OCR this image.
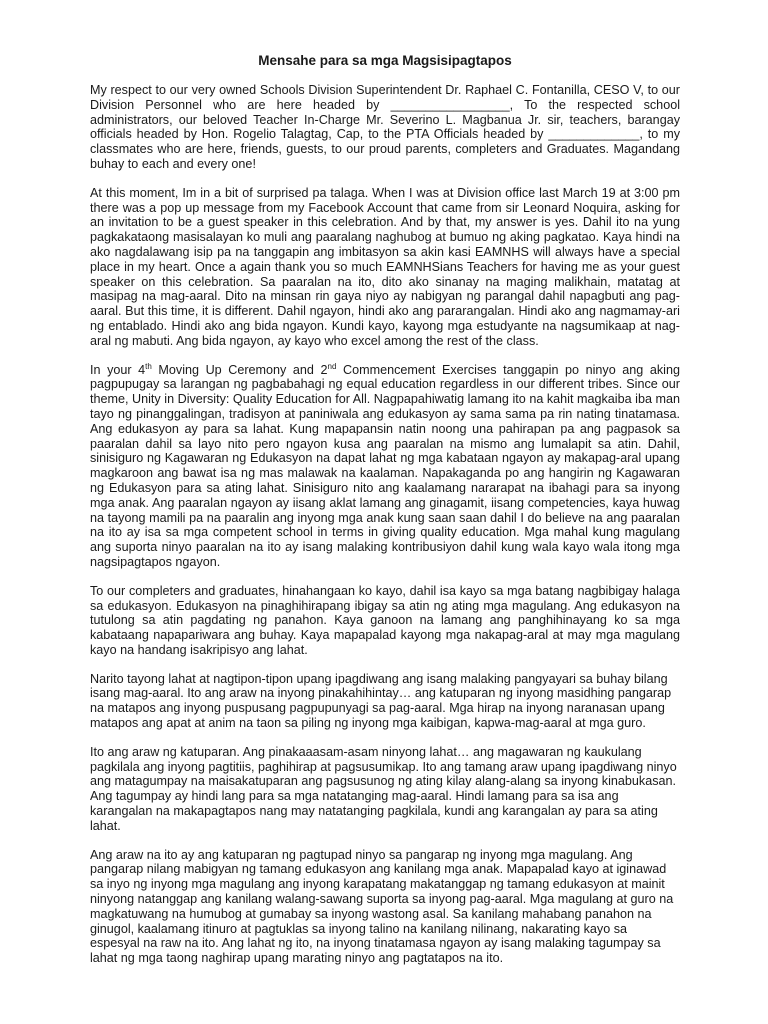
Mensahe para sa mga Magsisipagtapos

My respect to our very owned Schools Division Superintendent Dr. Raphael C. Fontanilla, CESO V, to our Division Personnel who are here headed by _________________, To the respected school administrators, our beloved Teacher In-Charge Mr. Severino L. Magbanua Jr. sir, teachers, barangay officials headed by Hon. Rogelio Talagtag, Cap, to the PTA Officials headed by _____________, to my classmates who are here, friends, guests, to our proud parents, completers and Graduates. Magandang buhay to each and every one!

At this moment, Im in a bit of surprised pa talaga. When I was at Division office last March 19 at 3:00 pm there was a pop up message from my Facebook Account that came from sir Leonard Noquira, asking for an invitation to be a guest speaker in this celebration. And by that, my answer is yes. Dahil ito na yung pagkakataong masisalayan ko muli ang paaralang naghubog at bumuo ng aking pagkatao. Kaya hindi na ako nagdalawang isip pa na tanggapin ang imbitasyon sa akin kasi EAMNHS will always have a special place in my heart. Once a again thank you so much EAMNHSians Teachers for having me as your guest speaker on this celebration. Sa paaralan na ito, dito ako sinanay na maging malikhain, matatag at masipag na mag-aaral. Dito na minsan rin gaya niyo ay nabigyan ng parangal dahil napagbuti ang pag-aaral. But this time, it is different. Dahil ngayon, hindi ako ang pararangalan. Hindi ako ang nagmamay-ari ng entablado. Hindi ako ang bida ngayon. Kundi kayo, kayong mga estudyante na nagsumikaap at nag-aral ng mabuti. Ang bida ngayon, ay kayo who excel among the rest of the class.

In your 4th Moving Up Ceremony and 2nd Commencement Exercises tanggapin po ninyo ang aking pagpupugay sa larangan ng pagbabahagi ng equal education regardless in our different tribes. Since our theme, Unity in Diversity: Quality Education for All. Nagpapahiwatig lamang ito na kahit magkaiba iba man tayo ng pinanggalingan, tradisyon at paniniwala ang edukasyon ay sama sama pa rin nating tinatamasa. Ang edukasyon ay para sa lahat. Kung mapapansin natin noong una pahirapan pa ang pagpasok sa paaralan dahil sa layo nito pero ngayon kusa ang paaralan na mismo ang lumalapit sa atin. Dahil, sinisiguro ng Kagawaran ng Edukasyon na dapat lahat ng mga kabataan ngayon ay makapag-aral upang magkaroon ang bawat isa ng mas malawak na kaalaman. Napakaganda po ang hangirin ng Kagawaran ng Edukasyon para sa ating lahat. Sinisiguro nito ang kaalamang nararapat na ibahagi para sa inyong mga anak. Ang paaralan ngayon ay iisang aklat lamang ang ginagamit, iisang competencies, kaya huwag na tayong mamili pa na paaralin ang inyong mga anak kung saan saan dahil I do believe na ang paaralan na ito ay isa sa mga competent school in terms in giving quality education. Mga mahal kung magulang ang suporta ninyo paaralan na ito ay isang malaking kontribusiyon dahil kung wala kayo wala itong mga nagsipagtapos ngayon.

To our completers and graduates, hinahangaan ko kayo, dahil isa kayo sa mga batang nagbibigay halaga sa edukasyon. Edukasyon na pinaghihirapang ibigay sa atin ng ating mga magulang. Ang edukasyon na tutulong sa atin pagdating ng panahon. Kaya ganoon na lamang ang panghihinayang ko sa mga kabataang napapariwara ang buhay. Kaya mapapalad kayong mga nakapag-aral at may mga magulang kayo na handang isakripisyo ang lahat.

Narito tayong lahat at nagtipon-tipon upang ipagdiwang ang isang malaking pangyayari sa buhay bilang isang mag-aaral. Ito ang araw na inyong pinakahihintay… ang katuparan ng inyong masidhing pangarap na matapos ang inyong puspusang pagpupunyagi sa pag-aaral. Mga hirap na inyong naranasan upang matapos ang apat at anim na taon sa piling ng inyong mga kaibigan, kapwa-mag-aaral at mga guro.

Ito ang araw ng katuparan. Ang pinakaaasam-asam ninyong lahat… ang magawaran ng kaukulang pagkilala ang inyong pagtitiis, paghihirap at pagsusumikap. Ito ang tamang araw upang ipagdiwang ninyo ang matagumpay na maisakatuparan ang pagsusunog ng ating kilay alang-alang sa inyong kinabukasan. Ang tagumpay ay hindi lang para sa mga natatanging mag-aaral. Hindi lamang para sa isa ang karangalan na makapagtapos nang may natatanging pagkilala, kundi ang karangalan ay para sa ating lahat.

Ang araw na ito ay ang katuparan ng pagtupad ninyo sa pangarap ng inyong mga magulang. Ang pangarap nilang mabigyan ng tamang edukasyon ang kanilang mga anak. Mapapalad kayo at iginawad sa inyo ng inyong mga magulang ang inyong karapatang makatanggap ng tamang edukasyon at mainit ninyong natanggap ang kanilang walang-sawang suporta sa inyong pag-aaral. Mga magulang at guro na magkatuwang na humubog at gumabay sa inyong wastong asal. Sa kanilang mahabang panahon na ginugol, kaalamang itinuro at pagtuklas sa inyong talino na kanilang nilinang, nakarating kayo sa espesyal na raw na ito. Ang lahat ng ito, na inyong tinatamasa ngayon ay isang malaking tagumpay sa lahat ng mga taong naghirap upang marating ninyo ang pagtatapos na ito.
